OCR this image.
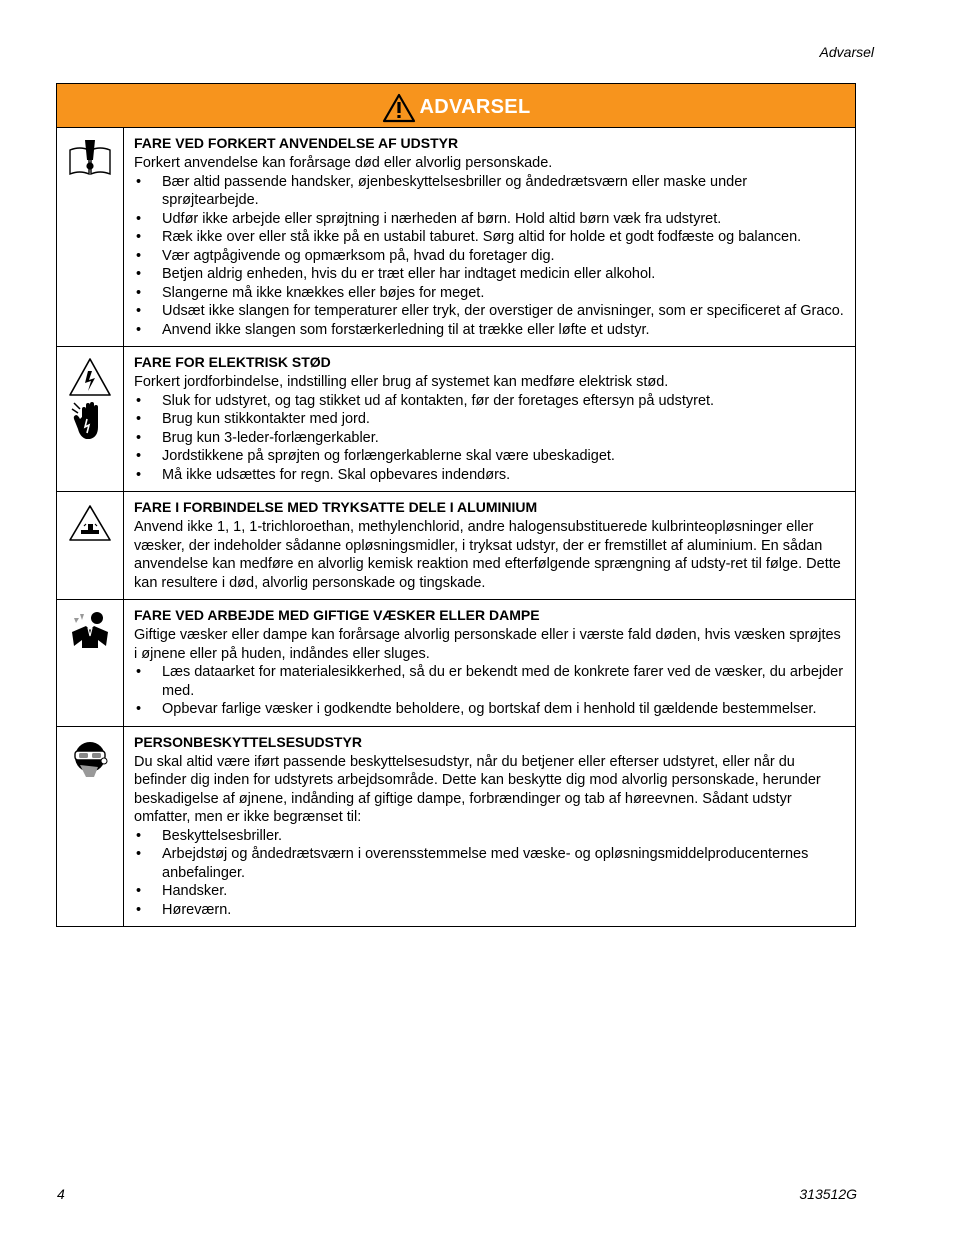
Advarsel
ADVARSEL
FARE VED FORKERT ANVENDELSE AF UDSTYR

Forkert anvendelse kan forårsage død eller alvorlig personskade.

• Bær altid passende handsker, øjenbeskyttelsesbriller og åndedrætsværn eller maske under sprøjtearbejde.
• Udfør ikke arbejde eller sprøjtning i nærheden af børn. Hold altid børn væk fra udstyret.
• Ræk ikke over eller stå ikke på en ustabil taburet. Sørg altid for holde et godt fodfæste og balancen.
• Vær agtpågivende og opmærksom på, hvad du foretager dig.
• Betjen aldrig enheden, hvis du er træt eller har indtaget medicin eller alkohol.
• Slangerne må ikke knækkes eller bøjes for meget.
• Udsæt ikke slangen for temperaturer eller tryk, der overstiger de anvisninger, som er specificeret af Graco.
• Anvend ikke slangen som forstærkerledning til at trække eller løfte et udstyr.
FARE FOR ELEKTRISK STØD

Forkert jordforbindelse, indstilling eller brug af systemet kan medføre elektrisk stød.

• Sluk for udstyret, og tag stikket ud af kontakten, før der foretages eftersyn på udstyret.
• Brug kun stikkontakter med jord.
• Brug kun 3-leder-forlængerkabler.
• Jordstikkene på sprøjten og forlængerkablerne skal være ubeskadiget.
• Må ikke udsættes for regn. Skal opbevares indendørs.
FARE I FORBINDELSE MED TRYKSATTE DELE I ALUMINIUM

Anvend ikke 1, 1, 1-trichloroethan, methylenchlorid, andre halogensubstituerede kulbrinteopløsninger eller væsker, der indeholder sådanne opløsningsmidler, i tryksat udstyr, der er fremstillet af aluminium. En sådan anvendelse kan medføre en alvorlig kemisk reaktion med efterfølgende sprængning af udsty-ret til følge. Dette kan resultere i død, alvorlig personskade og tingskade.

FARE VED ARBEJDE MED GIFTIGE VÆSKER ELLER DAMPE

Giftige væsker eller dampe kan forårsage alvorlig personskade eller i værste fald døden, hvis væsken sprøjtes i øjnene eller på huden, indåndes eller sluges.

• Læs dataarket for materialesikkerhed, så du er bekendt med de konkrete farer ved de væsker, du arbejder med.
• Opbevar farlige væsker i godkendte beholdere, og bortskaf dem i henhold til gældende bestemmelser.
PERSONBESKYTTELSESUDSTYR

Du skal altid være iført passende beskyttelsesudstyr, når du betjener eller efterser udstyret, eller når du befinder dig inden for udstyrets arbejdsområde. Dette kan beskytte dig mod alvorlig personskade, herunder beskadigelse af øjnene, indånding af giftige dampe, forbrændinger og tab af høreevnen. Sådant udstyr omfatter, men er ikke begrænset til:

• Beskyttelsesbriller.
• Arbejdstøj og åndedrætsværn i overensstemmelse med væske- og opløsningsmiddelproducenternes anbefalinger.
• Handsker.
• Høreværn.
4	313512G
